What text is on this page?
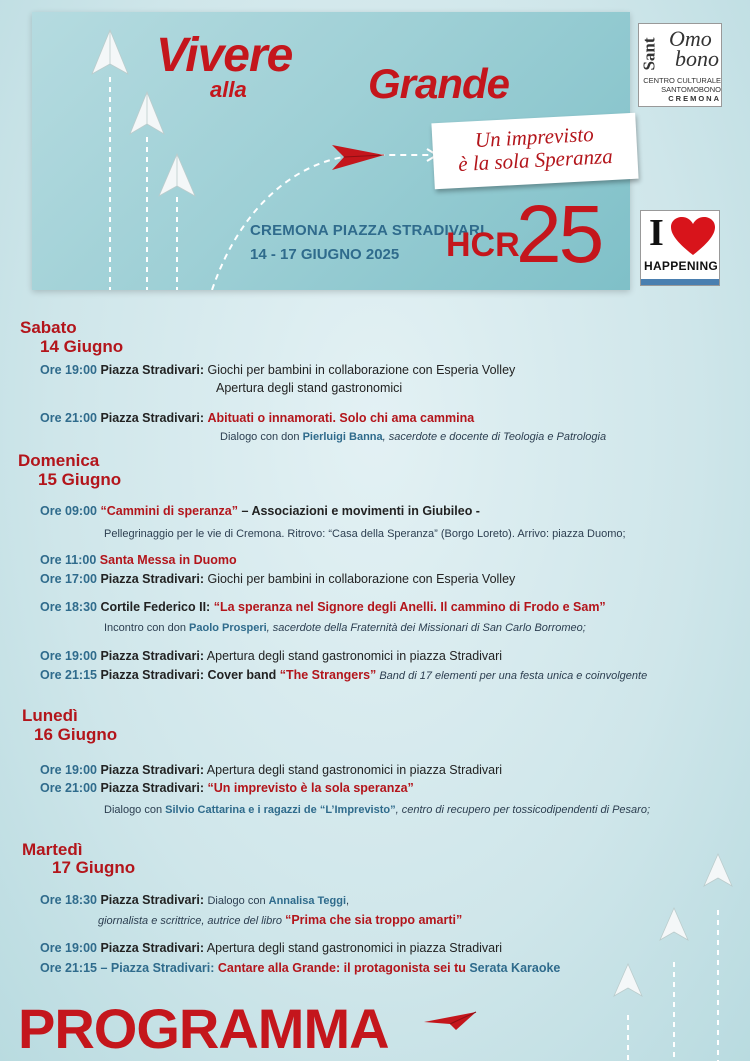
Vivere
alla	Grande
Un imprevisto
è la sola Speranza
CREMONA PIAZZA STRADIVARI
14 - 17 GIUGNO 2025 HCR
25
Sant Omo
bono
CENTRO CULTURALE
SANTOMOBONO
CREMONA
I
HAPPENING
Sabato
14 Giugno
Ore 19:00 Piazza Stradivari: Giochi per bambini in collaborazione con Esperia Volley
Apertura degli stand gastronomici
Ore 21:00 Piazza Stradivari: Abituati o innamorati. Solo chi ama cammina
Dialogo con don Pierluigi Banna, sacerdote e docente di Teologia e Patrologia
Domenica
15 Giugno
Ore 09:00 “Cammini di speranza” – Associazioni e movimenti in Giubileo -
Pellegrinaggio per le vie di Cremona. Ritrovo: “Casa della Speranza” (Borgo Loreto). Arrivo: piazza Duomo;
Ore 11:00 Santa Messa in Duomo
Ore 17:00 Piazza Stradivari: Giochi per bambini in collaborazione con Esperia Volley
Ore 18:30 Cortile Federico II: “La speranza nel Signore degli Anelli. Il cammino di Frodo e Sam”
Incontro con don Paolo Prosperi, sacerdote della Fraternità dei Missionari di San Carlo Borromeo;
Ore 19:00 Piazza Stradivari: Apertura degli stand gastronomici in piazza Stradivari
Ore 21:15 Piazza Stradivari: Cover band “The Strangers” Band di 17 elementi per una festa unica e coinvolgente
Lunedì
16 Giugno
Ore 19:00 Piazza Stradivari: Apertura degli stand gastronomici in piazza Stradivari
Ore 21:00 Piazza Stradivari: “Un imprevisto è la sola speranza”
Dialogo con Silvio Cattarina e i ragazzi de “L’Imprevisto”, centro di recupero per tossicodipendenti di Pesaro;
Martedì
17 Giugno
Ore 18:30 Piazza Stradivari: Dialogo con Annalisa Teggi,
giornalista e scrittrice, autrice del libro “Prima che sia troppo amarti”
Ore 19:00 Piazza Stradivari: Apertura degli stand gastronomici in piazza Stradivari
Ore 21:15 – Piazza Stradivari: Cantare alla Grande: il protagonista sei tu Serata Karaoke
PROGRAMMA
